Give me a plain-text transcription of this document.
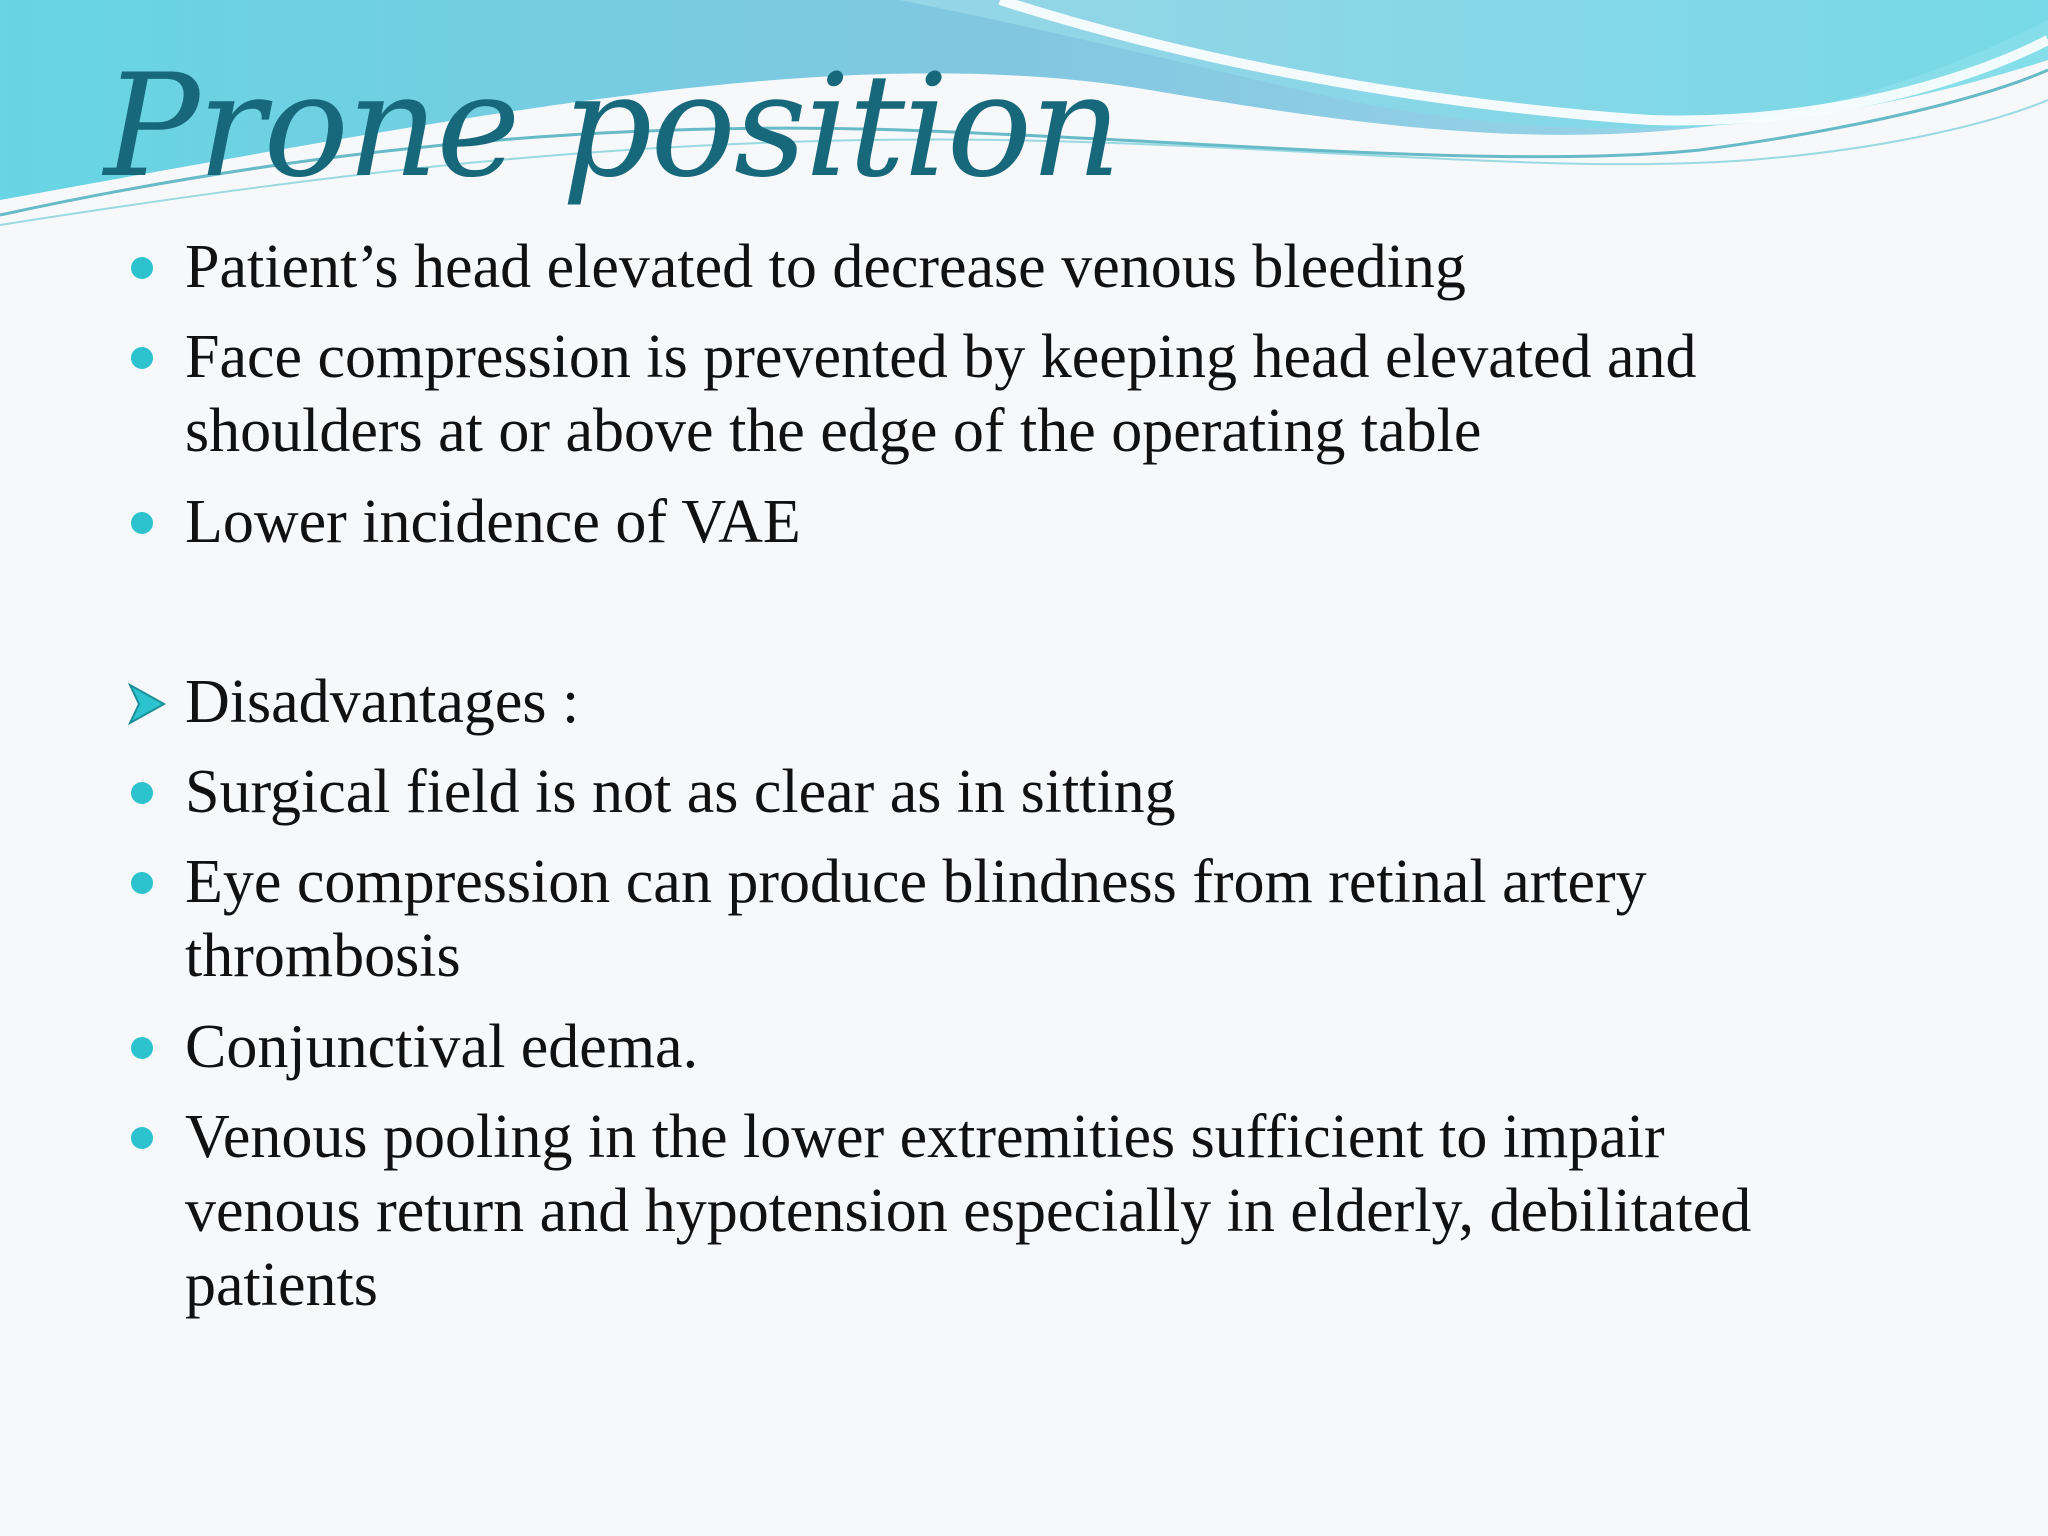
Prone position
Patient’s head elevated to decrease venous bleeding
Face compression is prevented by keeping head elevated and
shoulders at or above the edge of the operating table
Lower incidence of VAE
Disadvantages :
Surgical field is not as clear as in sitting
Eye compression can produce blindness from retinal artery
thrombosis
Conjunctival edema.
Venous pooling in the lower extremities sufficient to impair
venous return and hypotension especially in elderly, debilitated
patients
